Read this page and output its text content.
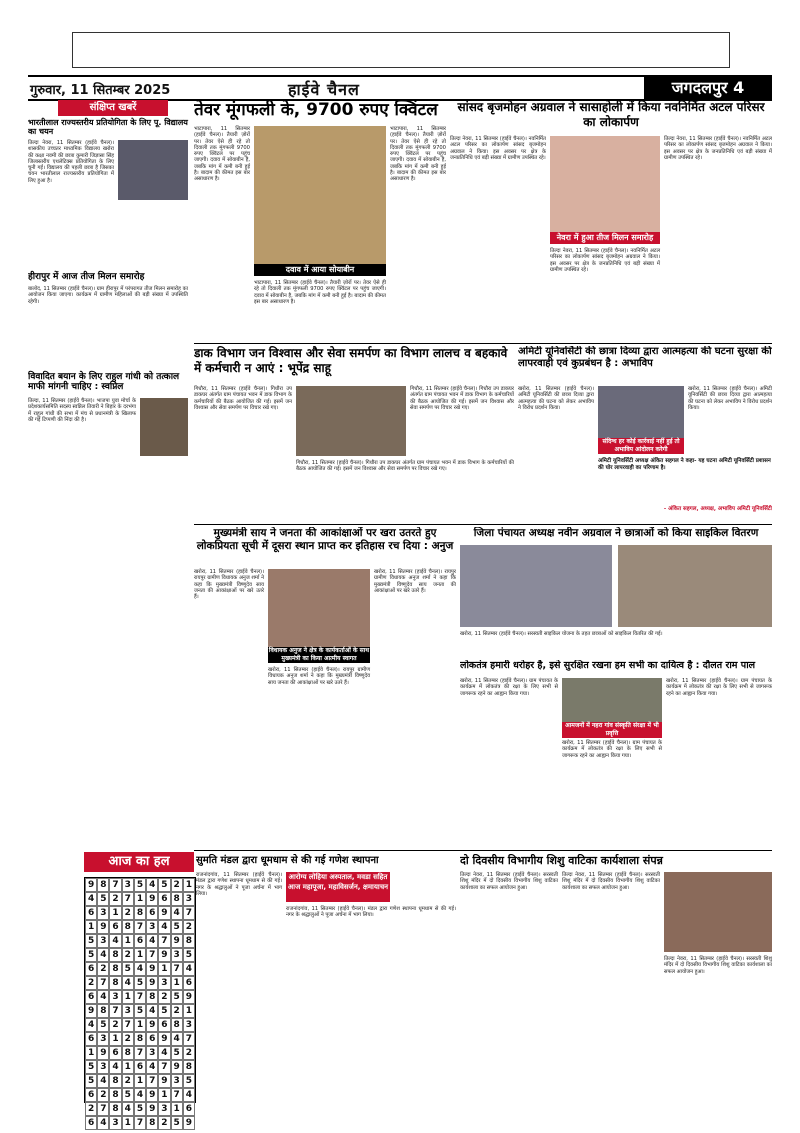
गुरुवार, 11 सितम्बर 2025	हाईवे चैनल	जगदलपुर 4
संक्षिप्त खबरें
भारतीलाल राज्यस्तरीय प्रतियोगिता के लिए पू. विद्यालय का चयन
तिल्दा नेवरा, 11 सितम्बर (हाईवे चैनल)। शासकीय उच्चतर माध्यमिक विद्यालय खरोरा की कक्षा नवमी की छात्रा कुमारी जिज्ञासा सिंह जिलास्तरीय एथलेटिक्स प्रतियोगिता के लिए चुनी गईं। विद्यालय की पहली छात्रा है जिसका चयन भारतीलाल राज्यस्तरीय प्रतियोगिता में लिए हुआ है।
हीरापुर में आज तीज मिलन समारोह
बालोद, 11 सितम्बर (हाईवे चैनल)। ग्राम हीरापुर में परंपरागत तीज मिलन समारोह का आयोजन किया जाएगा। कार्यक्रम में ग्रामीण महिलाओं की बड़ी संख्या में उपस्थिति रहेगी।
विवादित बयान के लिए राहुल गांधी को तत्काल माफी मांगनी चाहिए : स्वप्निल
तिल्दा, 11 सितम्बर (हाईवे चैनल)। भाजपा युवा मोर्चा के प्रदेशकार्यसमिति सदस्य स्वप्निल तिवारी ने बिहार के दरभंगा में राहुल गांधी की सभा में मंच से प्रधानमंत्री के खिलाफ की गई टिप्पणी की निंदा की है।
आज का हल
9 8 7 3 5 4 5 2 1
4 5 2 7 1 9 6 8 3
6 3 1 2 8 6 9 4 7
1 9 6 8 7 3 4 5 2
5 3 4 1 6 4 7 9 8
5 4 8 2 1 7 9 3 5
6 2 8 5 4 9 1 7 4
2 7 8 4 5 9 3 1 6
6 4 3 1 7 8 2 5 9
9 8 7 3 5 4 5 2 1
4 5 2 7 1 9 6 8 3
6 3 1 2 8 6 9 4 7
1 9 6 8 7 3 4 5 2
5 3 4 1 6 4 7 9 8
5 4 8 2 1 7 9 3 5
6 2 8 5 4 9 1 7 4
2 7 8 4 5 9 3 1 6
6 4 3 1 7 8 2 5 9
तेवर मूंगफली के, 9700 रुपए क्विंटल
भाटापारा, 11 सितम्बर (हाईवे चैनल)। तैयारी ज़ोरों पर। तेवर ऐसे ही रहे तो दिवाली तक मूंगफली 9700 रुपए क्विंटल पर पहुंच जाएगी। दवाव में सोयाबीन है, जबकि मांग में कमी बनी हुई है। बादाम की कीमत इस बार असाधारण है।
दवाव में आया सोयाबीन
भाटापारा, 11 सितम्बर (हाईवे चैनल)। तैयारी ज़ोरों पर। तेवर ऐसे ही रहे तो दिवाली तक मूंगफली 9700 रुपए क्विंटल पर पहुंच जाएगी। दवाव में सोयाबीन है, जबकि मांग में कमी बनी हुई है। बादाम की कीमत इस बार असाधारण है।
भाटापारा, 11 सितम्बर (हाईवे चैनल)। तैयारी ज़ोरों पर। तेवर ऐसे ही रहे तो दिवाली तक मूंगफली 9700 रुपए क्विंटल पर पहुंच जाएगी। दवाव में सोयाबीन है, जबकि मांग में कमी बनी हुई है। बादाम की कीमत इस बार असाधारण है।
सांसद बृजमोहन अग्रवाल ने सासाहोली में किया नवनिर्मित अटल परिसर का लोकार्पण
तिल्दा नेवरा, 11 सितम्बर (हाईवे चैनल)। नवनिर्मित अटल परिसर का लोकार्पण सांसद बृजमोहन अग्रवाल ने किया। इस अवसर पर क्षेत्र के जनप्रतिनिधि एवं बड़ी संख्या में ग्रामीण उपस्थित रहे।
नेवरा में हुआ तीज मिलन समारोह
तिल्दा नेवरा, 11 सितम्बर (हाईवे चैनल)। नवनिर्मित अटल परिसर का लोकार्पण सांसद बृजमोहन अग्रवाल ने किया। इस अवसर पर क्षेत्र के जनप्रतिनिधि एवं बड़ी संख्या में ग्रामीण उपस्थित रहे।
तिल्दा नेवरा, 11 सितम्बर (हाईवे चैनल)। नवनिर्मित अटल परिसर का लोकार्पण सांसद बृजमोहन अग्रवाल ने किया। इस अवसर पर क्षेत्र के जनप्रतिनिधि एवं बड़ी संख्या में ग्रामीण उपस्थित रहे।
डाक विभाग जन विश्वास और सेवा समर्पण का विभाग लालच व बहकावे में कर्मचारी न आएं : भूपेंद्र साहू
गिधौरा, 11 सितम्बर (हाईवे चैनल)। गिधौरा उप डाकघर अंतर्गत ग्राम पंचायत भवन में डाक विभाग के कर्मचारियों की बैठक आयोजित की गई। इसमें जन विश्वास और सेवा समर्पण पर विचार रखे गए।
गिधौरा, 11 सितम्बर (हाईवे चैनल)। गिधौरा उप डाकघर अंतर्गत ग्राम पंचायत भवन में डाक विभाग के कर्मचारियों की बैठक आयोजित की गई। इसमें जन विश्वास और सेवा समर्पण पर विचार रखे गए।
गिधौरा, 11 सितम्बर (हाईवे चैनल)। गिधौरा उप डाकघर अंतर्गत ग्राम पंचायत भवन में डाक विभाग के कर्मचारियों की बैठक आयोजित की गई। इसमें जन विश्वास और सेवा समर्पण पर विचार रखे गए।
अमिटी यूनिवर्सिटी की छात्रा दिव्या द्वारा आत्महत्या की घटना सुरक्षा की लापरवाही एवं कुप्रबंधन है : अभाविप
खरोरा, 11 सितम्बर (हाईवे चैनल)। अमिटी यूनिवर्सिटी की छात्रा दिव्या द्वारा आत्महत्या की घटना को लेकर अभाविप ने विरोध प्रदर्शन किया।
संदिग्ध हर कोई कार्रवाई नहीं हुई तो अभाविप आंदोलन करेगी
खरोरा, 11 सितम्बर (हाईवे चैनल)। अमिटी यूनिवर्सिटी की छात्रा दिव्या द्वारा आत्महत्या की घटना को लेकर अभाविप ने विरोध प्रदर्शन किया।
अमिटी यूनिवर्सिटी अध्यक्ष अंकित सहगल ने कहा- यह घटना अमिटी यूनिवर्सिटी प्रशासन की घोर लापरवाही का परिणाम है।
- अंकित सहगल, अध्यक्ष, अभाविप अमिटी यूनिवर्सिटी
मुख्यमंत्री साय ने जनता की आकांक्षाओं पर खरा उतरते हुए लोकप्रियता सूची में दूसरा स्थान प्राप्त कर इतिहास रच दिया : अनुज
खरोरा, 11 सितम्बर (हाईवे चैनल)। रायपुर ग्रामीण विधायक अनुज शर्मा ने कहा कि मुख्यमंत्री विष्णुदेव साय जनता की आकांक्षाओं पर खरे उतरे हैं।
विधायक अनुज ने क्षेत्र के कार्यकर्ताओं के साथ मुख्यमंत्री का किया आत्मीय स्वागत
खरोरा, 11 सितम्बर (हाईवे चैनल)। रायपुर ग्रामीण विधायक अनुज शर्मा ने कहा कि मुख्यमंत्री विष्णुदेव साय जनता की आकांक्षाओं पर खरे उतरे हैं।
खरोरा, 11 सितम्बर (हाईवे चैनल)। रायपुर ग्रामीण विधायक अनुज शर्मा ने कहा कि मुख्यमंत्री विष्णुदेव साय जनता की आकांक्षाओं पर खरे उतरे हैं।
जिला पंचायत अध्यक्ष नवीन अग्रवाल ने छात्राओं को किया साइकिल वितरण
खरोरा, 11 सितम्बर (हाईवे चैनल)। सरस्वती साइकिल योजना के तहत छात्राओं को साइकिल वितरित की गई।
लोकतंत्र हमारी धरोहर है, इसे सुरक्षित रखना हम सभी का दायित्व है : दौलत राम पाल
खरोरा, 11 सितम्बर (हाईवे चैनल)। ग्राम पंचायत के कार्यक्रम में लोकतंत्र की रक्षा के लिए सभी से जागरूक रहने का आह्वान किया गया।
आमजनों में नहरा गांव संस्कृति संरक्षा में भी प्रवृत्ति
खरोरा, 11 सितम्बर (हाईवे चैनल)। ग्राम पंचायत के कार्यक्रम में लोकतंत्र की रक्षा के लिए सभी से जागरूक रहने का आह्वान किया गया।
खरोरा, 11 सितम्बर (हाईवे चैनल)। ग्राम पंचायत के कार्यक्रम में लोकतंत्र की रक्षा के लिए सभी से जागरूक रहने का आह्वान किया गया।
सुमति मंडल द्वारा धूमधाम से की गई गणेश स्थापना
राजनांदगांव, 11 सितम्बर (हाईवे चैनल)। मंडल द्वारा गणेश स्थापना धूमधाम से की गई। नगर के श्रद्धालुओं ने पूजा अर्चना में भाग लिया।
आरोग्य लोहिया अस्पताल, मवडा सहित आज महापूजा, महाविसर्जन, क्षमायाचन
राजनांदगांव, 11 सितम्बर (हाईवे चैनल)। मंडल द्वारा गणेश स्थापना धूमधाम से की गई। नगर के श्रद्धालुओं ने पूजा अर्चना में भाग लिया।
दो दिवसीय विभागीय शिशु वाटिका कार्यशाला संपन्न
तिल्दा नेवरा, 11 सितम्बर (हाईवे चैनल)। सरस्वती शिशु मंदिर में दो दिवसीय विभागीय शिशु वाटिका कार्यशाला का सफल आयोजन हुआ।
तिल्दा नेवरा, 11 सितम्बर (हाईवे चैनल)। सरस्वती शिशु मंदिर में दो दिवसीय विभागीय शिशु वाटिका कार्यशाला का सफल आयोजन हुआ।
तिल्दा नेवरा, 11 सितम्बर (हाईवे चैनल)। सरस्वती शिशु मंदिर में दो दिवसीय विभागीय शिशु वाटिका कार्यशाला का सफल आयोजन हुआ।
